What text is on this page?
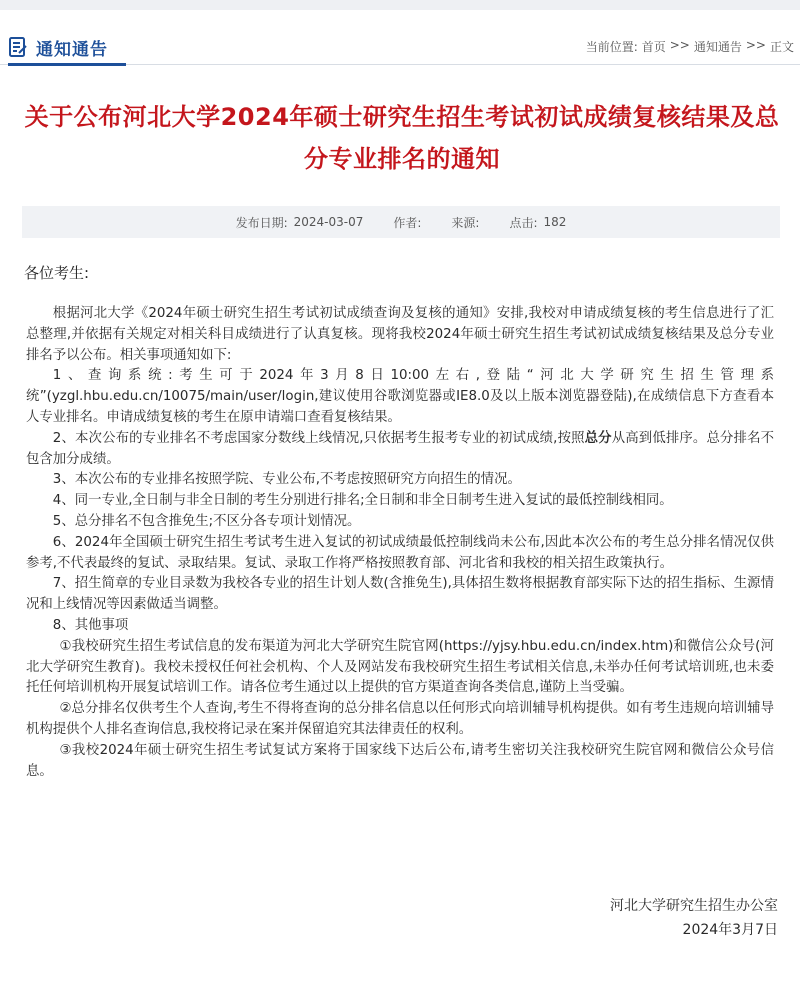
通知通告	当前位置: 首页 >> 通知通告 >> 正文
关于公布河北大学2024年硕士研究生招生考试初试成绩复核结果及总分专业排名的通知
发布日期: 2024-03-07	作者:	来源:	点击: 182
各位考生:

根据河北大学《2024年硕士研究生招生考试初试成绩查询及复核的通知》安排,我校对申请成绩复核的考生信息进行了汇总整理,并依据有关规定对相关科目成绩进行了认真复核。现将我校2024年硕士研究生招生考试初试成绩复核结果及总分专业排名予以公布。相关事项通知如下:

1、查询系统:考生可于2024年3月8日10:00左右,登陆“河北大学研究生招生管理系统”(yzgl.hbu.edu.cn/10075/main/user/login,建议使用谷歌浏览器或IE8.0及以上版本浏览器登陆),在成绩信息下方查看本人专业排名。申请成绩复核的考生在原申请端口查看复核结果。

2、本次公布的专业排名不考虑国家分数线上线情况,只依据考生报考专业的初试成绩,按照总分从高到低排序。总分排名不包含加分成绩。

3、本次公布的专业排名按照学院、专业公布,不考虑按照研究方向招生的情况。

4、同一专业,全日制与非全日制的考生分别进行排名;全日制和非全日制考生进入复试的最低控制线相同。

5、总分排名不包含推免生;不区分各专项计划情况。

6、2024年全国硕士研究生招生考试考生进入复试的初试成绩最低控制线尚未公布,因此本次公布的考生总分排名情况仅供参考,不代表最终的复试、录取结果。复试、录取工作将严格按照教育部、河北省和我校的相关招生政策执行。

7、招生简章的专业目录数为我校各专业的招生计划人数(含推免生),具体招生数将根据教育部实际下达的招生指标、生源情况和上线情况等因素做适当调整。

8、其他事项

①我校研究生招生考试信息的发布渠道为河北大学研究生院官网(https://yjsy.hbu.edu.cn/index.htm)和微信公众号(河北大学研究生教育)。我校未授权任何社会机构、个人及网站发布我校研究生招生考试相关信息,未举办任何考试培训班,也未委托任何培训机构开展复试培训工作。请各位考生通过以上提供的官方渠道查询各类信息,谨防上当受骗。

②总分排名仅供考生个人查询,考生不得将查询的总分排名信息以任何形式向培训辅导机构提供。如有考生违规向培训辅导机构提供个人排名查询信息,我校将记录在案并保留追究其法律责任的权利。

③我校2024年硕士研究生招生考试复试方案将于国家线下达后公布,请考生密切关注我校研究生院官网和微信公众号信息。

河北大学研究生招生办公室
2024年3月7日
